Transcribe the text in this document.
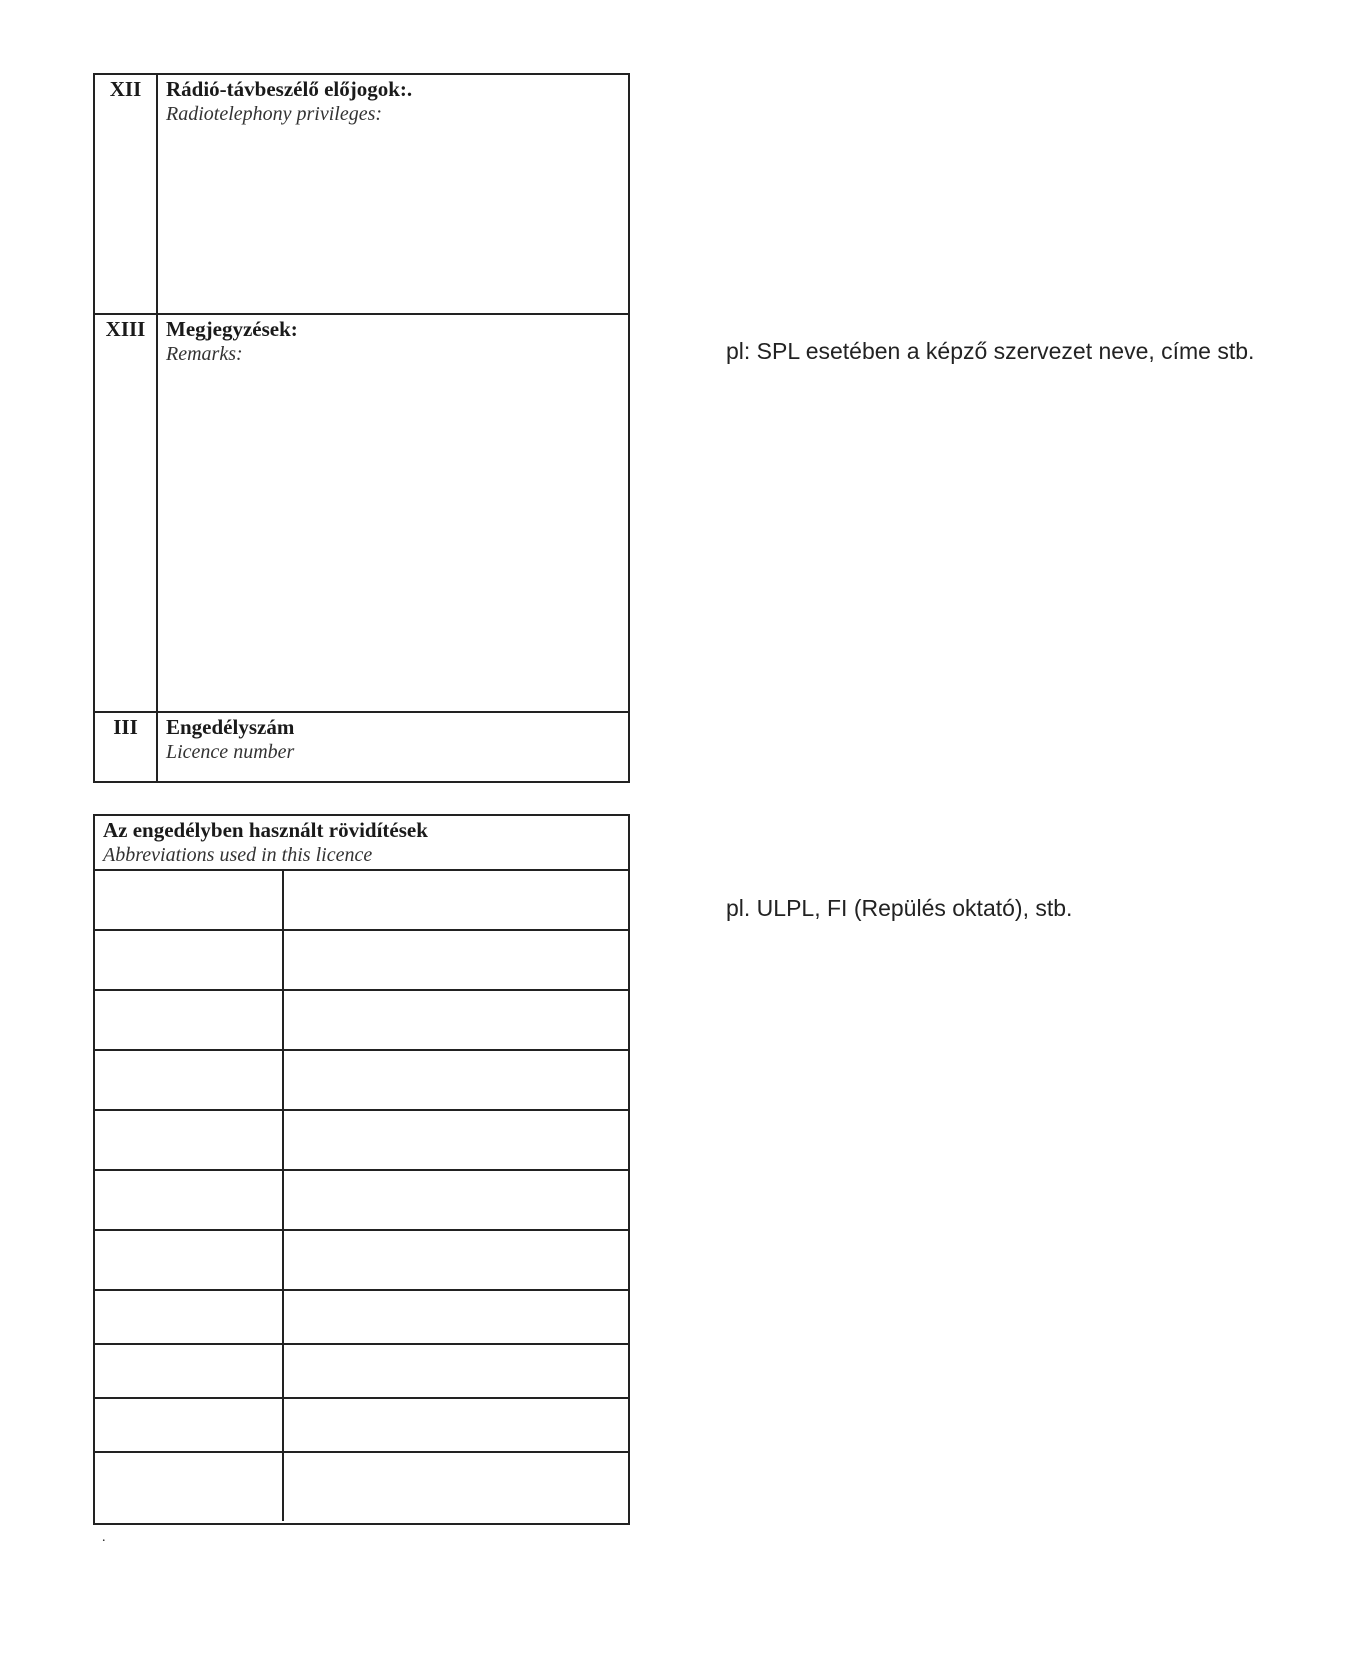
XII	Rádió-távbeszélő előjogok:.
Radiotelephony privileges:
XIII Megjegyzések:
Remarks:
III	Engedélyszám
Licence number
Az engedélyben használt rövidítések
Abbreviations used in this licence
pl: SPL esetében a képző szervezet neve, címe stb.
pl. ULPL, FI (Repülés oktató), stb.
.
